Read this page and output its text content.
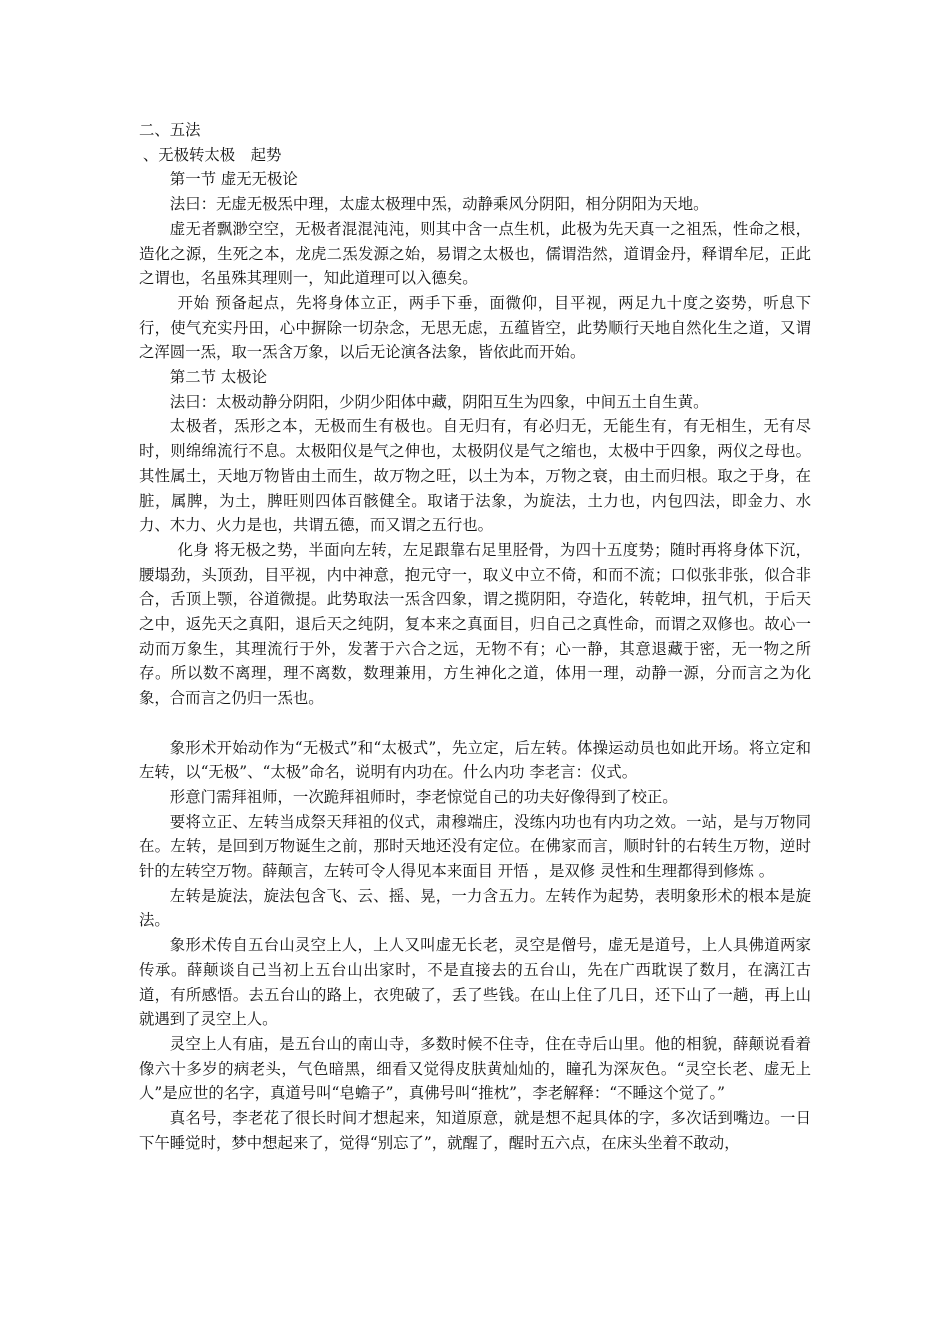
二、五法

、无极转太极　起势

第一节 虚无无极论

法曰：无虚无极炁中理，太虚太极理中炁，动静乘风分阴阳，相分阴阳为天地。

虚无者飘渺空空，无极者混混沌沌，则其中含一点生机，此极为先天真一之祖炁，性命之根，造化之源，生死之本，龙虎二炁发源之始，易谓之太极也，儒谓浩然，道谓金丹，释谓牟尼，正此之谓也，名虽殊其理则一，知此道理可以入德矣。

开始 预备起点，先将身体立正，两手下垂，面微仰，目平视，两足九十度之姿势，听息下行，使气充实丹田，心中摒除一切杂念，无思无虑，五蕴皆空，此势顺行天地自然化生之道，又谓之浑圆一炁，取一炁含万象，以后无论演各法象，皆依此而开始。

第二节 太极论

法曰：太极动静分阴阳，少阴少阳体中藏，阴阳互生为四象，中间五土自生黄。

太极者，炁形之本，无极而生有极也。自无归有，有必归无，无能生有，有无相生，无有尽时，则绵绵流行不息。太极阳仪是气之伸也，太极阴仪是气之缩也，太极中于四象，两仪之母也。其性属土，天地万物皆由土而生，故万物之旺，以土为本，万物之衰，由土而归根。取之于身，在脏，属脾，为土，脾旺则四体百骸健全。取诸于法象，为旋法，土力也，内包四法，即金力、水力、木力、火力是也，共谓五德，而又谓之五行也。

化身 将无极之势，半面向左转，左足跟靠右足里胫骨，为四十五度势；随时再将身体下沉，腰塌劲，头顶劲，目平视，内中神意，抱元守一，取义中立不倚，和而不流；口似张非张，似合非合，舌顶上颚，谷道微提。此势取法一炁含四象，谓之揽阴阳，夺造化，转乾坤，扭气机，于后天之中，返先天之真阳，退后天之纯阴，复本来之真面目，归自己之真性命，而谓之双修也。故心一动而万象生，其理流行于外，发著于六合之远，无物不有；心一静，其意退藏于密，无一物之所存。所以数不离理，理不离数，数理兼用，方生神化之道，体用一理，动静一源，分而言之为化象，合而言之仍归一炁也。

象形术开始动作为“无极式”和“太极式”，先立定，后左转。体操运动员也如此开场。将立定和左转，以“无极”、“太极”命名，说明有内功在。什么内功 李老言：仪式。

形意门需拜祖师，一次跪拜祖师时，李老惊觉自己的功夫好像得到了校正。

要将立正、左转当成祭天拜祖的仪式，肃穆端庄，没练内功也有内功之效。一站，是与万物同在。左转，是回到万物诞生之前，那时天地还没有定位。在佛家而言，顺时针的右转生万物，逆时针的左转空万物。薛颠言，左转可令人得见本来面目 开悟 ，是双修 灵性和生理都得到修炼 。

左转是旋法，旋法包含飞、云、摇、晃，一力含五力。左转作为起势，表明象形术的根本是旋法。

象形术传自五台山灵空上人，上人又叫虚无长老，灵空是僧号，虚无是道号，上人具佛道两家传承。薛颠谈自己当初上五台山出家时，不是直接去的五台山，先在广西耽误了数月，在漓江古道，有所感悟。去五台山的路上，衣兜破了，丢了些钱。在山上住了几日，还下山了一趟，再上山就遇到了灵空上人。

灵空上人有庙，是五台山的南山寺，多数时候不住寺，住在寺后山里。他的相貌，薛颠说看着像六十多岁的病老头，气色暗黑，细看又觉得皮肤黄灿灿的，瞳孔为深灰色。“灵空长老、虚无上人”是应世的名字，真道号叫“皂蟾子”，真佛号叫“推枕”，李老解释：“不睡这个觉了。”

真名号，李老花了很长时间才想起来，知道原意，就是想不起具体的字，多次话到嘴边。一日下午睡觉时，梦中想起来了，觉得“别忘了”，就醒了，醒时五六点，在床头坐着不敢动，
